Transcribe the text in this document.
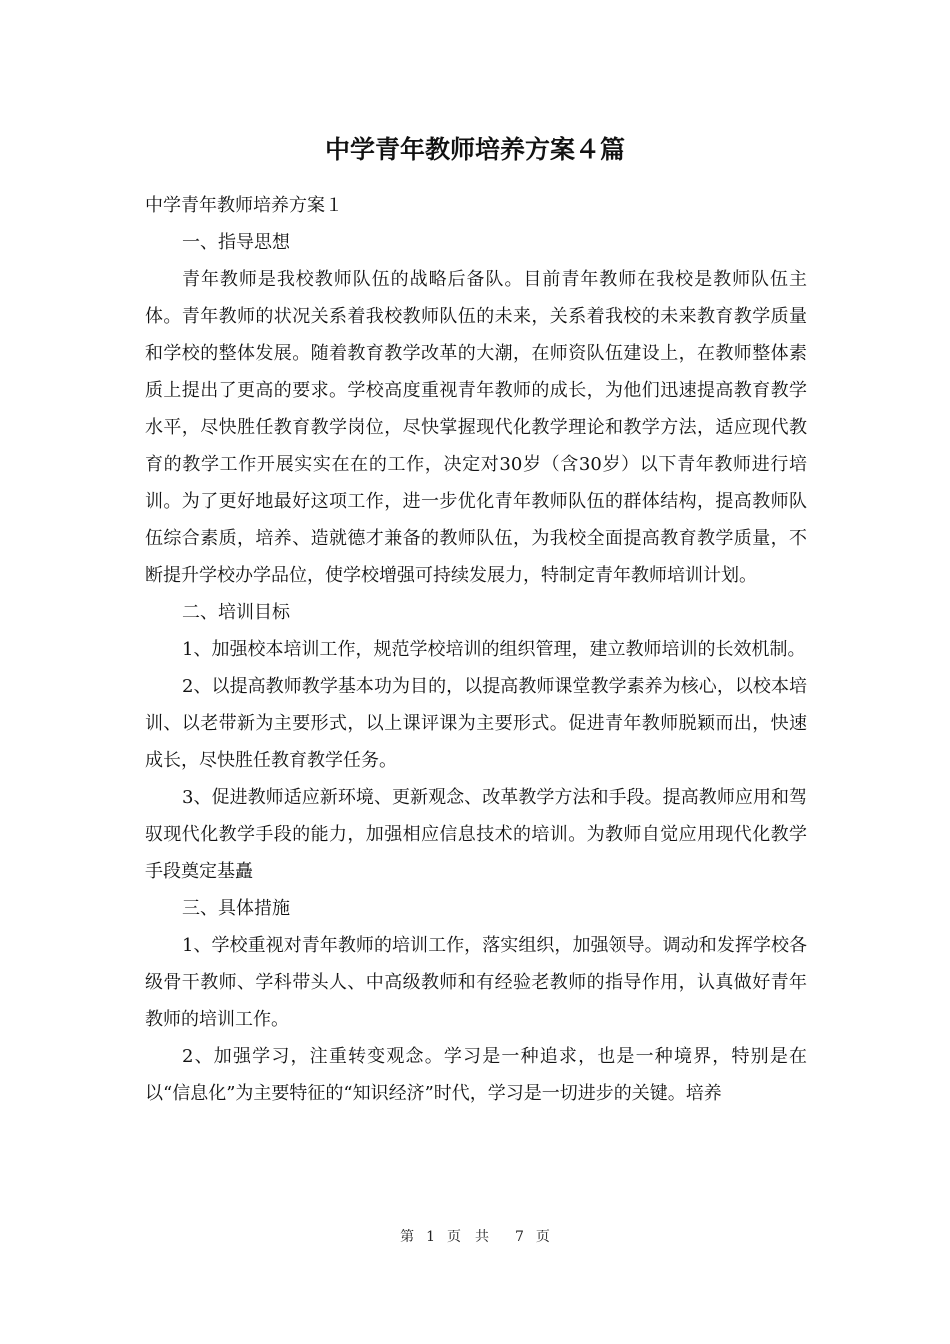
中学青年教师培养方案４篇

中学青年教师培养方案１

一、指导思想

青年教师是我校教师队伍的战略后备队。目前青年教师在我校是教师队伍主体。青年教师的状况关系着我校教师队伍的未来，关系着我校的未来教育教学质量和学校的整体发展。随着教育教学改革的大潮，在师资队伍建设上，在教师整体素质上提出了更高的要求。学校高度重视青年教师的成长，为他们迅速提高教育教学水平，尽快胜任教育教学岗位，尽快掌握现代化教学理论和教学方法，适应现代教育的教学工作开展实实在在的工作，决定对30岁（含30岁）以下青年教师进行培训。为了更好地最好这项工作，进一步优化青年教师队伍的群体结构，提高教师队伍综合素质，培养、造就德才兼备的教师队伍，为我校全面提高教育教学质量，不断提升学校办学品位，使学校增强可持续发展力，特制定青年教师培训计划。

二、培训目标

1、加强校本培训工作，规范学校培训的组织管理，建立教师培训的长效机制。

2、以提高教师教学基本功为目的，以提高教师课堂教学素养为核心，以校本培训、以老带新为主要形式，以上课评课为主要形式。促进青年教师脱颖而出，快速成长，尽快胜任教育教学任务。

3、促进教师适应新环境、更新观念、改革教学方法和手段。提高教师应用和驾驭现代化教学手段的能力，加强相应信息技术的培训。为教师自觉应用现代化教学手段奠定基矗

三、具体措施

1、学校重视对青年教师的培训工作，落实组织，加强领导。调动和发挥学校各级骨干教师、学科带头人、中高级教师和有经验老教师的指导作用，认真做好青年教师的培训工作。

2、加强学习，注重转变观念。学习是一种追求，也是一种境界，特别是在以“信息化”为主要特征的“知识经济”时代，学习是一切进步的关键。培养

第 1 页共 7 页
